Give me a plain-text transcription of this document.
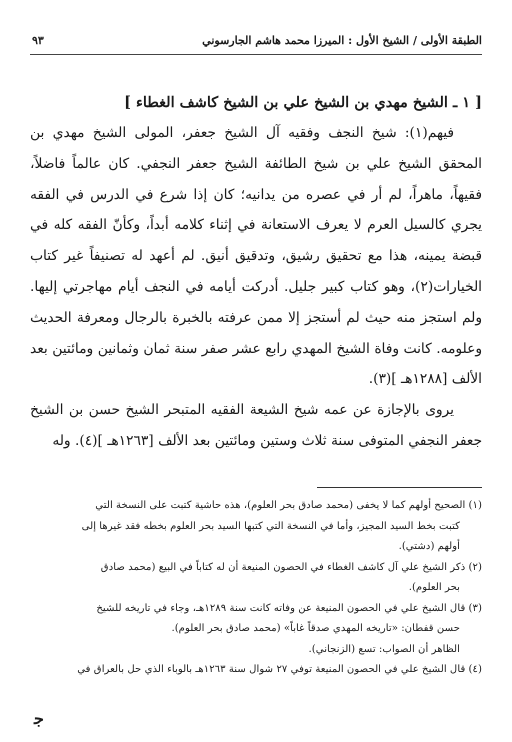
٩٣	الطبقة الأولى / الشيخ الأول : الميرزا محمد هاشم الجارسوني
[ ١ ـ الشيخ مهدي بن الشيخ علي بن الشيخ كاشف الغطاء ]

فيهم(١): شيخ النجف وفقيه آل الشيخ جعفر، المولى الشيخ مهدي بن المحقق الشيخ علي بن شيخ الطائفة الشيخ جعفر النجفي. كان عالماً فاضلاً، فقيهاً، ماهراً، لم أر في عصره من يدانيه؛ كان إذا شرع في الدرس في الفقه يجري كالسيل العرم لا يعرف الاستعانة في إثناء كلامه أبداً، وكأنّ الفقه كله في قبضة يمينه، هذا مع تحقيق رشيق، وتدقيق أنيق. لم أعهد له تصنيفاً غير كتاب الخيارات(٢)، وهو كتاب كبير جليل. أدركت أيامه في النجف أيام مهاجرتي إليها. ولم استجز منه حيث لم أستجز إلا ممن عرفته بالخبرة بالرجال ومعرفة الحديث وعلومه. كانت وفاة الشيخ المهدي رابع عشر صفر سنة ثمان وثمانين ومائتين بعد الألف [١٢٨٨هـ ](٣).

يروى بالإجازة عن عمه شيخ الشيعة الفقيه المتبحر الشيخ حسن بن الشيخ جعفر النجفي المتوفى سنة ثلاث وستين ومائتين بعد الألف [١٢٦٣هـ ](٤). وله

(١) الصحيح أولهم كما لا يخفى (محمد صادق بحر العلوم)، هذه حاشية كتبت على النسخة التي

كتبت بخط السيد المجيز، وأما في النسخة التي كتبها السيد بحر العلوم بخطه فقد غيرها إلى

أولهم (دشتي).

(٢) ذكر الشيخ علي آل كاشف الغطاء في الحصون المنيعة أن له كتاباً في البيع (محمد صادق

بحر العلوم).

(٣) قال الشيخ علي في الحصون المنيعة عن وفاته كانت سنة ١٢٨٩هـ، وجاء في تاريخه للشيخ

حسن قفطان: «تاريخه المهدي صدقاً غاباً» (محمد صادق بحر العلوم).

الظاهر أن الصواب: تسع (الزنجاني).

(٤) قال الشيخ علي في الحصون المنيعة توفي ٢٧ شوال سنة ١٢٦٣هـ بالوباء الذي حل بالعراق في

ﺟ
